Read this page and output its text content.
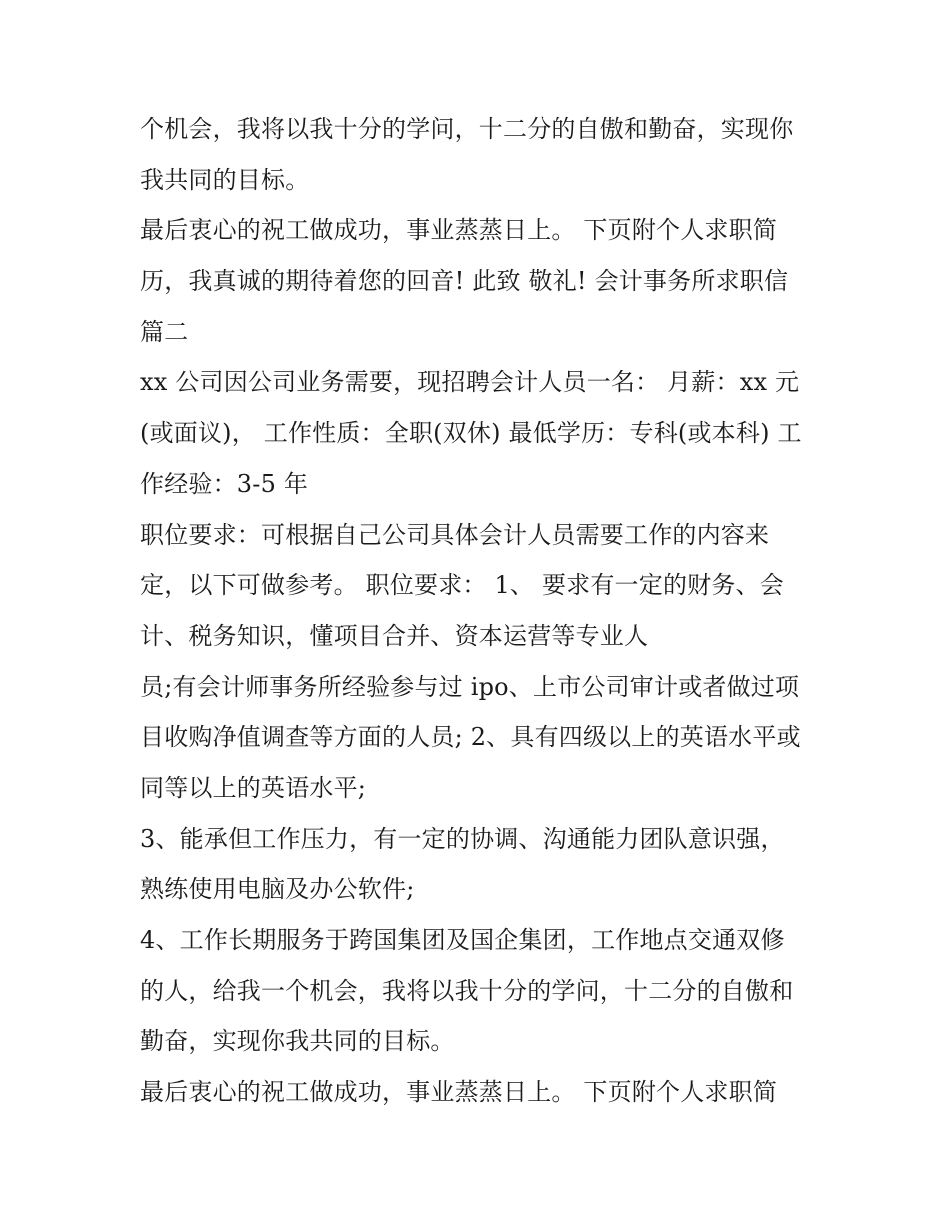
个机会，我将以我十分的学问，十二分的自傲和勤奋，实现你
我共同的目标。
最后衷心的祝工做成功，事业蒸蒸日上。 下页附个人求职简
历，我真诚的期待着您的回音! 此致 敬礼! 会计事务所求职信
篇二
xx 公司因公司业务需要，现招聘会计人员一名： 月薪：xx 元
(或面议)， 工作性质：全职(双休) 最低学历：专科(或本科) 工
作经验：3-5 年
职位要求：可根据自己公司具体会计人员需要工作的内容来
定，以下可做参考。 职位要求： 1、 要求有一定的财务、会
计、税务知识，懂项目合并、资本运营等专业人
员;有会计师事务所经验参与过 ipo、上市公司审计或者做过项
目收购净值调查等方面的人员; 2、具有四级以上的英语水平或
同等以上的英语水平;
3、能承但工作压力，有一定的协调、沟通能力团队意识强，
熟练使用电脑及办公软件;
4、工作长期服务于跨国集团及国企集团，工作地点交通双修
的人，给我一个机会，我将以我十分的学问，十二分的自傲和
勤奋，实现你我共同的目标。
最后衷心的祝工做成功，事业蒸蒸日上。 下页附个人求职简
